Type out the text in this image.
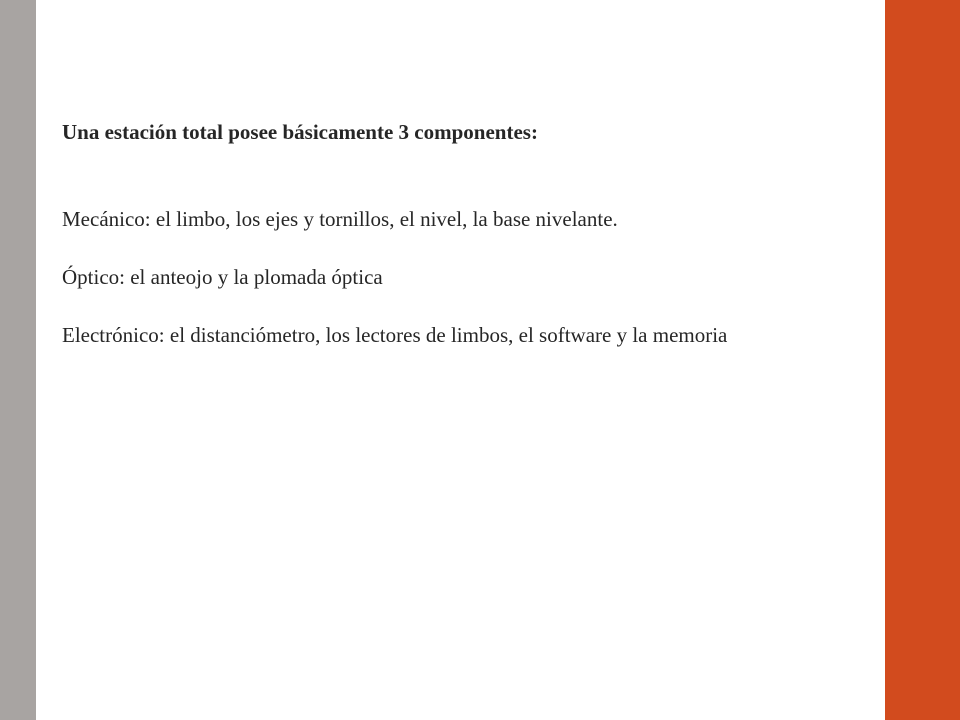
Una estación total posee básicamente 3 componentes:

Mecánico: el limbo, los ejes y tornillos, el nivel, la base nivelante.

Óptico: el anteojo y la plomada óptica

Electrónico: el distanciómetro, los lectores de limbos, el software y la memoria
